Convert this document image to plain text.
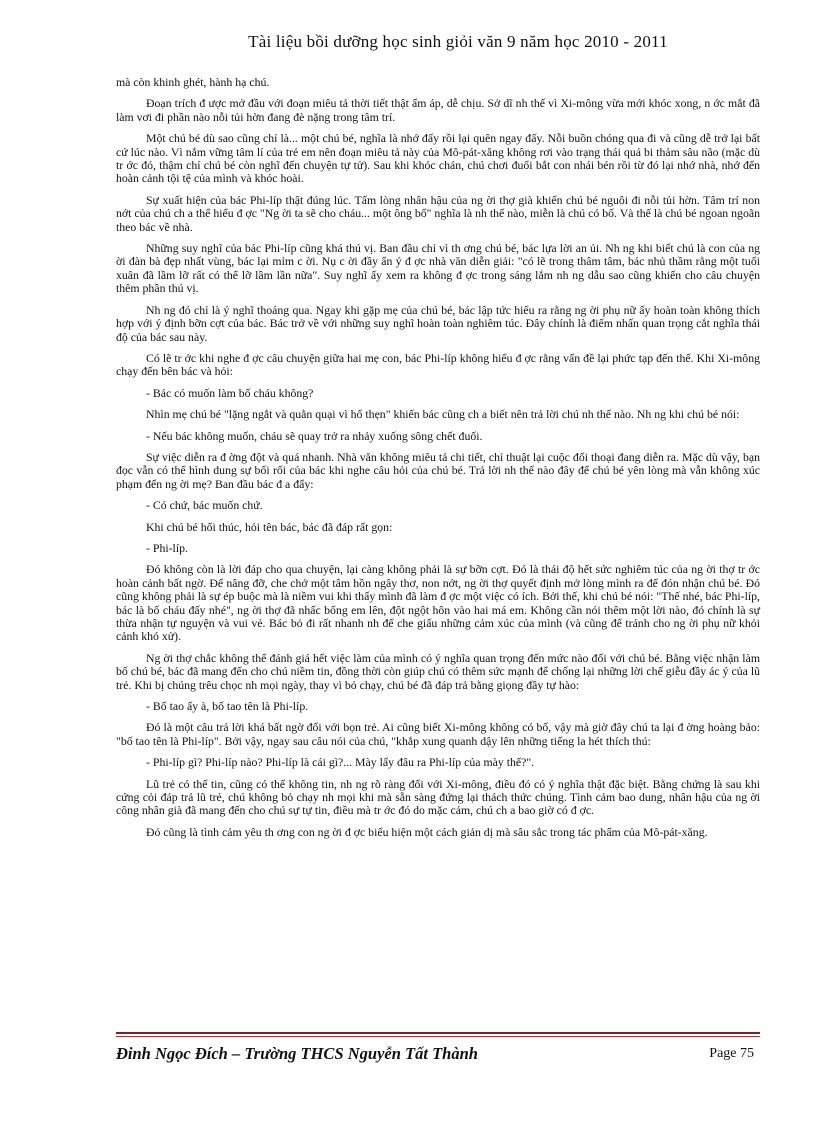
Tài liệu bồi dưỡng học sinh giỏi văn 9 năm học 2010 - 2011

mà còn khinh ghét, hành hạ chú.

Đoạn trích đ ược mở đầu với đoạn miêu tả thời tiết thật ấm áp, dễ chịu. Sở dĩ nh thế vì Xi-mông vừa mới khóc xong, n ớc mắt đã làm vơi đi phần nào nỗi tủi hờn đang đè nặng trong tâm trí.

Một chú bé dù sao cũng chỉ là... một chú bé, nghĩa là nhớ đấy rồi lại quên ngay đấy. Nỗi buồn chóng qua đi và cũng dễ trở lại bất cứ lúc nào. Vì nắm vững tâm lí của trẻ em nên đoạn miêu tả này của Mô-pát-xăng không rơi vào trạng thái quá bi thảm sâu não (mặc dù tr ớc đó, thậm chí chú bé còn nghĩ đến chuyện tự tử). Sau khi khóc chán, chú chơi đuổi bắt con nhái bén rồi từ đó lại nhớ nhà, nhớ đến hoàn cảnh tội tệ của mình và khóc hoài.

Sự xuất hiện của bác Phi-líp thật đúng lúc. Tấm lòng nhân hậu của ng ời thợ già khiến chú bé nguôi đi nỗi tủi hờn. Tâm trí non nớt của chú ch a thể hiểu đ ợc "Ng ời ta sẽ cho cháu... một ông bố" nghĩa là nh thế nào, miễn là chú có bố. Và thế là chú bé ngoan ngoãn theo bác về nhà.

Những suy nghĩ của bác Phi-líp cũng khá thú vị. Ban đầu chỉ vì th ơng chú bé, bác lựa lời an ủi. Nh ng khi biết chú là con của ng ời đàn bà đẹp nhất vùng, bác lại mỉm c ời. Nụ c ời đầy ẩn ý đ ợc nhà văn diễn giải: "có lẽ trong thâm tâm, bác nhủ thầm rằng một tuổi xuân đã lầm lỡ rất có thể lỡ lầm lần nữa". Suy nghĩ ấy xem ra không đ ợc trong sáng lắm nh ng dẫu sao cũng khiến cho câu chuyện thêm phần thú vị.

Nh ng đó chỉ là ý nghĩ thoáng qua. Ngay khi gặp mẹ của chú bé, bác lập tức hiểu ra rằng ng ời phụ nữ ấy hoàn toàn không thích hợp với ý định bỡn cợt của bác. Bác trở về với những suy nghĩ hoàn toàn nghiêm túc. Đây chính là điểm nhấn quan trọng cắt nghĩa thái độ của bác sau này.

Có lẽ tr ớc khi nghe đ ợc câu chuyện giữa hai mẹ con, bác Phi-líp không hiểu đ ợc rằng vấn đề lại phức tạp đến thế. Khi Xi-mông chạy đến bên bác và hỏi:

- Bác có muốn làm bố cháu không?

Nhìn mẹ chú bé "lặng ngắt và quằn quại vì hổ thẹn" khiến bác cũng ch a biết nên trả lời chú nh thế nào. Nh ng khi chú bé nói:

- Nếu bác không muốn, cháu sẽ quay trở ra nhảy xuống sông chết đuối.

Sự việc diễn ra đ ờng đột và quá nhanh. Nhà văn không miêu tả chi tiết, chỉ thuật lại cuộc đối thoại đang diễn ra. Mặc dù vậy, bạn đọc vẫn có thể hình dung sự bối rối của bác khi nghe câu hỏi của chú bé. Trả lời nh thế nào đây để chú bé yên lòng mà vẫn không xúc phạm đến ng ời mẹ? Ban đầu bác đ a đẩy:

- Có chứ, bác muốn chứ.

Khi chú bé hối thúc, hỏi tên bác, bác đã đáp rất gọn:

- Phi-líp.

Đó không còn là lời đáp cho qua chuyện, lại càng không phải là sự bỡn cợt. Đó là thái độ hết sức nghiêm túc của ng ời thợ tr ớc hoàn cảnh bất ngờ. Để nâng đỡ, che chở một tâm hồn ngây thơ, non nớt, ng ời thợ quyết định mở lòng mình ra để đón nhận chú bé. Đó cũng không phải là sự ép buộc mà là niềm vui khi thấy mình đã làm đ ợc một việc có ích. Bởi thế, khi chú bé nói: "Thế nhé, bác Phi-líp, bác là bố cháu đấy nhé", ng ời thợ đã nhấc bổng em lên, đột ngột hôn vào hai má em. Không cần nói thêm một lời nào, đó chính là sự thừa nhận tự nguyện và vui vẻ. Bác bỏ đi rất nhanh nh để che giấu những cảm xúc của mình (và cũng để tránh cho ng ời phụ nữ khỏi cảnh khó xử).

Ng ời thợ chắc không thể đánh giá hết việc làm của mình có ý nghĩa quan trọng đến mức nào đối với chú bé. Bằng việc nhận làm bố chú bé, bác đã mang đến cho chú niềm tin, đồng thời còn giúp chú có thêm sức mạnh để chống lại những lời chế giễu đầy ác ý của lũ trẻ. Khi bị chúng trêu chọc nh mọi ngày, thay vì bỏ chạy, chú bé đã đáp trả bằng giọng đầy tự hào:

- Bố tao ấy à, bố tao tên là Phi-líp.

Đó là một câu trả lời khá bất ngờ đối với bọn trẻ. Ai cũng biết Xi-mông không có bố, vậy mà giờ đây chú ta lại đ ờng hoàng bảo: "bố tao tên là Phi-líp". Bởi vậy, ngay sau câu nói của chú, "khắp xung quanh dậy lên những tiếng la hét thích thú:

- Phi-líp gì? Phi-líp nào? Phi-líp là cái gì?... Mày lấy đâu ra Phi-líp của mày thế?".

Lũ trẻ có thể tin, cũng có thể không tin, nh ng rõ ràng đối với Xi-mông, điều đó có ý nghĩa thật đặc biệt. Bằng chứng là sau khi cứng cỏi đáp trả lũ trẻ, chú không bỏ chạy nh mọi khi mà sẵn sàng đứng lại thách thức chúng. Tình cảm bao dung, nhân hậu của ng ời công nhân già đã mang đến cho chú sự tự tin, điều mà tr ớc đó do mặc cảm, chú ch a bao giờ có đ ợc.

Đó cũng là tình cảm yêu th ơng con ng ời đ ợc biểu hiện một cách giản dị mà sâu sắc trong tác phẩm của Mô-pát-xăng.

Đinh Ngọc Đích – Trường THCS Nguyễn Tất Thành	Page 75
